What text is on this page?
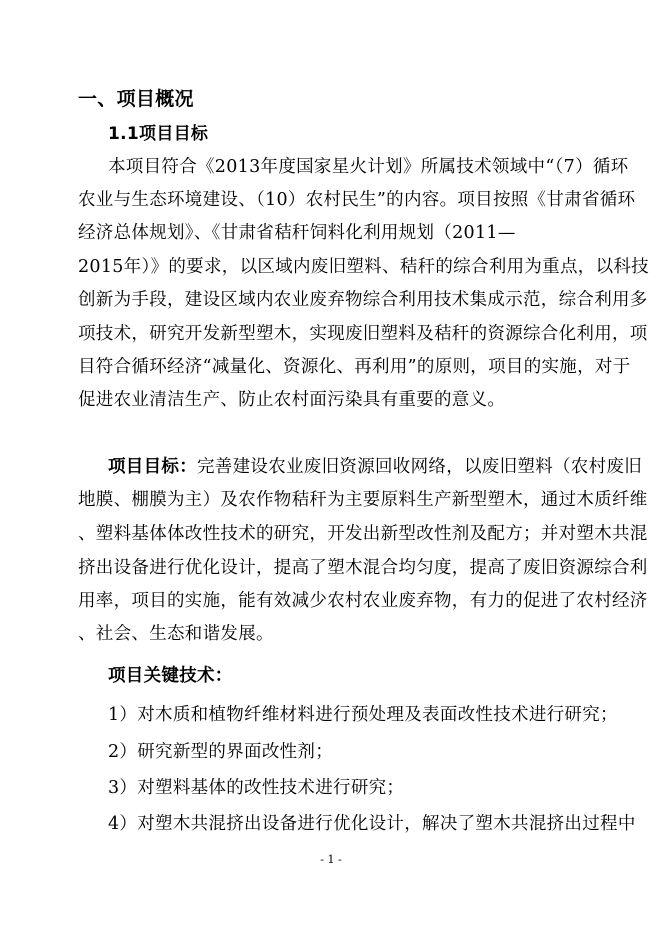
一、项目概况
1.1项目目标
本项目符合《2013年度国家星火计划》所属技术领域中“（7）循环
农业与生态环境建设、（10）农村民生”的内容。项目按照《甘肃省循环
经济总体规划》、《甘肃省秸秆饲料化利用规划（2011—
2015年）》的要求，以区域内废旧塑料、秸秆的综合利用为重点，以科技
创新为手段，建设区域内农业废弃物综合利用技术集成示范，综合利用多
项技术，研究开发新型塑木，实现废旧塑料及秸秆的资源综合化利用，项
目符合循环经济“减量化、资源化、再利用”的原则，项目的实施，对于
促进农业清洁生产、防止农村面污染具有重要的意义。
项目目标：完善建设农业废旧资源回收网络，以废旧塑料（农村废旧
地膜、棚膜为主）及农作物秸秆为主要原料生产新型塑木，通过木质纤维
、塑料基体体改性技术的研究，开发出新型改性剂及配方；并对塑木共混
挤出设备进行优化设计，提高了塑木混合均匀度，提高了废旧资源综合利
用率，项目的实施，能有效减少农村农业废弃物，有力的促进了农村经济
、社会、生态和谐发展。
项目关键技术：
1）对木质和植物纤维材料进行预处理及表面改性技术进行研究；
2）研究新型的界面改性剂；
3）对塑料基体的改性技术进行研究；
4）对塑木共混挤出设备进行优化设计，解决了塑木共混挤出过程中
- 1 -
